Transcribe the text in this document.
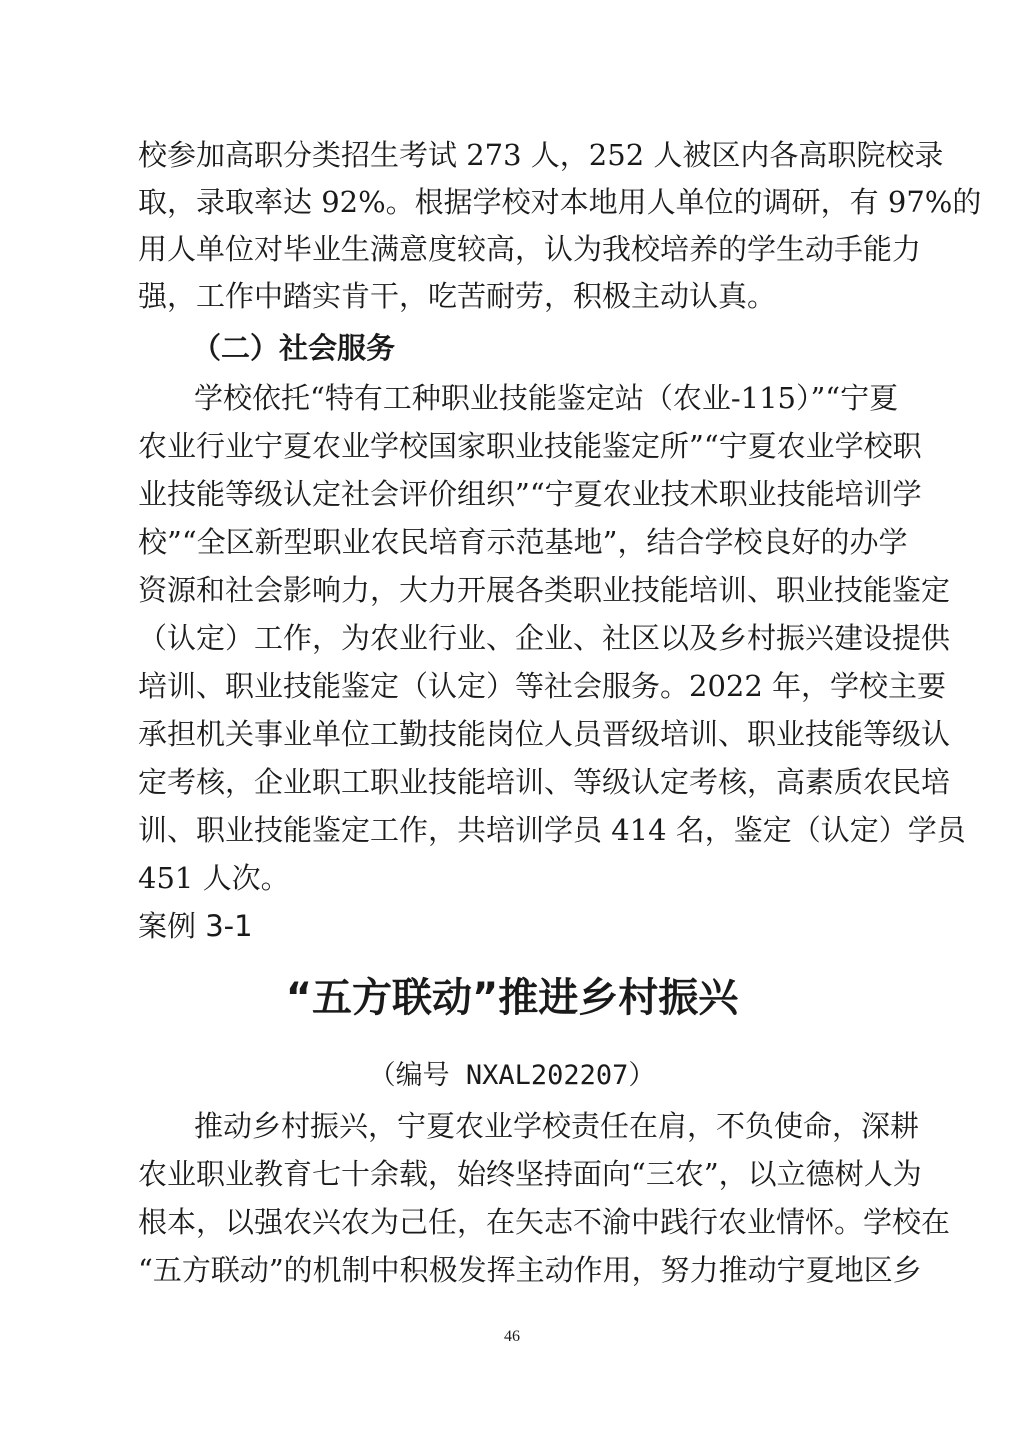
校参加高职分类招生考试 273 人，252 人被区内各高职院校录
取，录取率达 92%。根据学校对本地用人单位的调研，有 97%的
用人单位对毕业生满意度较高，认为我校培养的学生动手能力
强，工作中踏实肯干，吃苦耐劳，积极主动认真。
（二）社会服务
学校依托“特有工种职业技能鉴定站（农业-115）”“宁夏
农业行业宁夏农业学校国家职业技能鉴定所”“宁夏农业学校职
业技能等级认定社会评价组织”“宁夏农业技术职业技能培训学
校”“全区新型职业农民培育示范基地”，结合学校良好的办学
资源和社会影响力，大力开展各类职业技能培训、职业技能鉴定
（认定）工作，为农业行业、企业、社区以及乡村振兴建设提供
培训、职业技能鉴定（认定）等社会服务。2022 年，学校主要
承担机关事业单位工勤技能岗位人员晋级培训、职业技能等级认
定考核，企业职工职业技能培训、等级认定考核，高素质农民培
训、职业技能鉴定工作，共培训学员 414 名，鉴定（认定）学员
451 人次。
案例 3-1
“五方联动”推进乡村振兴
（编号 NXAL202207）
推动乡村振兴，宁夏农业学校责任在肩，不负使命，深耕
农业职业教育七十余载，始终坚持面向“三农”，以立德树人为
根本，以强农兴农为己任，在矢志不渝中践行农业情怀。学校在
“五方联动”的机制中积极发挥主动作用，努力推动宁夏地区乡
46
